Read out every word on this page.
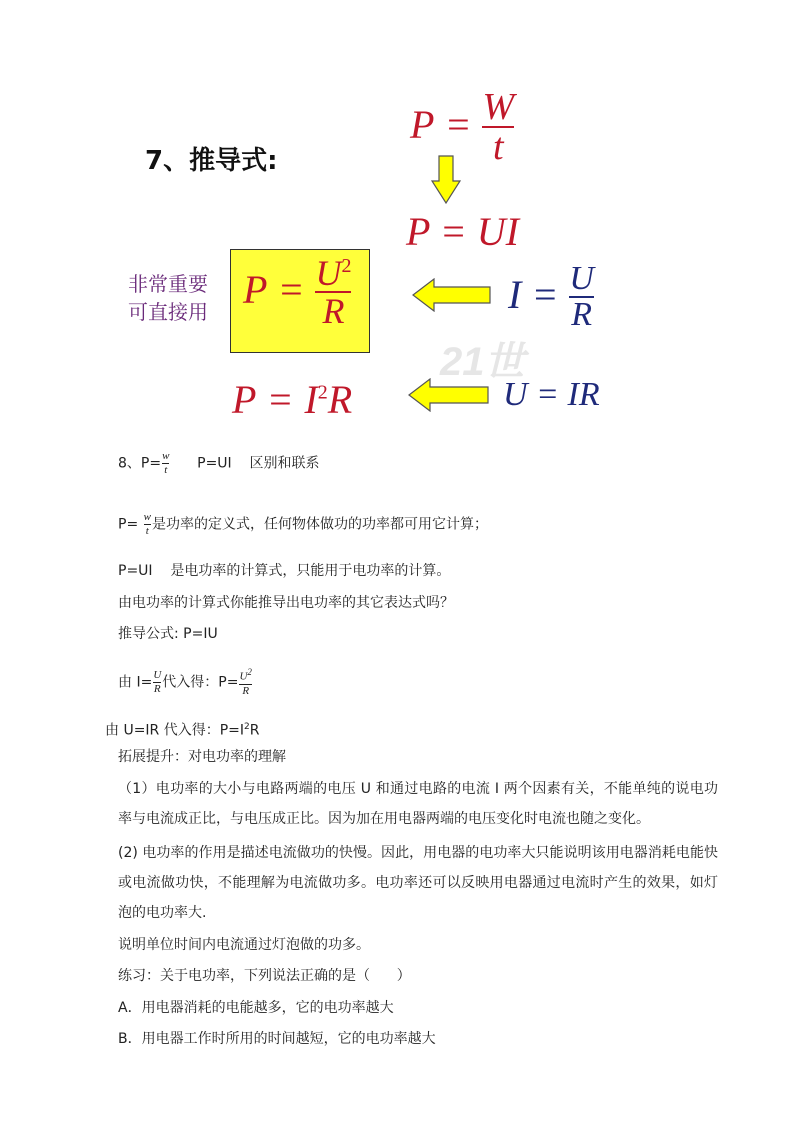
7、推导式:
$P = \frac{W}{t}$
P = UI
非常重要
可直接用 $P = \frac{U^2}{R}$
21世
$I = \frac{U}{R}$
$P = I^2R$	U = IR
8、$P= \frac{w}{t} P=UI$    区别和联系
$P= \frac{w}{t}$ 是功率的定义式，任何物体做功的功率都可用它计算；
P=UI    是电功率的计算式，只能用于电功率的计算。
由电功率的计算式你能推导出电功率的其它表达式吗？
推导公式: P=IU
由 $I= \frac{U}{R}$ 代入得：$P= \frac{U^2}{R}$
由 U=IR 代入得：$P=I^2R$
拓展提升：对电功率的理解
（1）电功率的大小与电路两端的电压 U 和通过电路的电流 I 两个因素有关，不能单纯的说电功率与电流成正比，与电压成正比。因为加在用电器两端的电压变化时电流也随之变化。
(2) 电功率的作用是描述电流做功的快慢。因此，用电器的电功率大只能说明该用电器消耗电能快或电流做功快，不能理解为电流做功多。电功率还可以反映用电器通过电流时产生的效果，如灯泡的电功率大.
说明单位时间内电流通过灯泡做的功多。
练习：关于电功率，下列说法正确的是（      ）
A．用电器消耗的电能越多，它的电功率越大
B．用电器工作时所用的时间越短，它的电功率越大
